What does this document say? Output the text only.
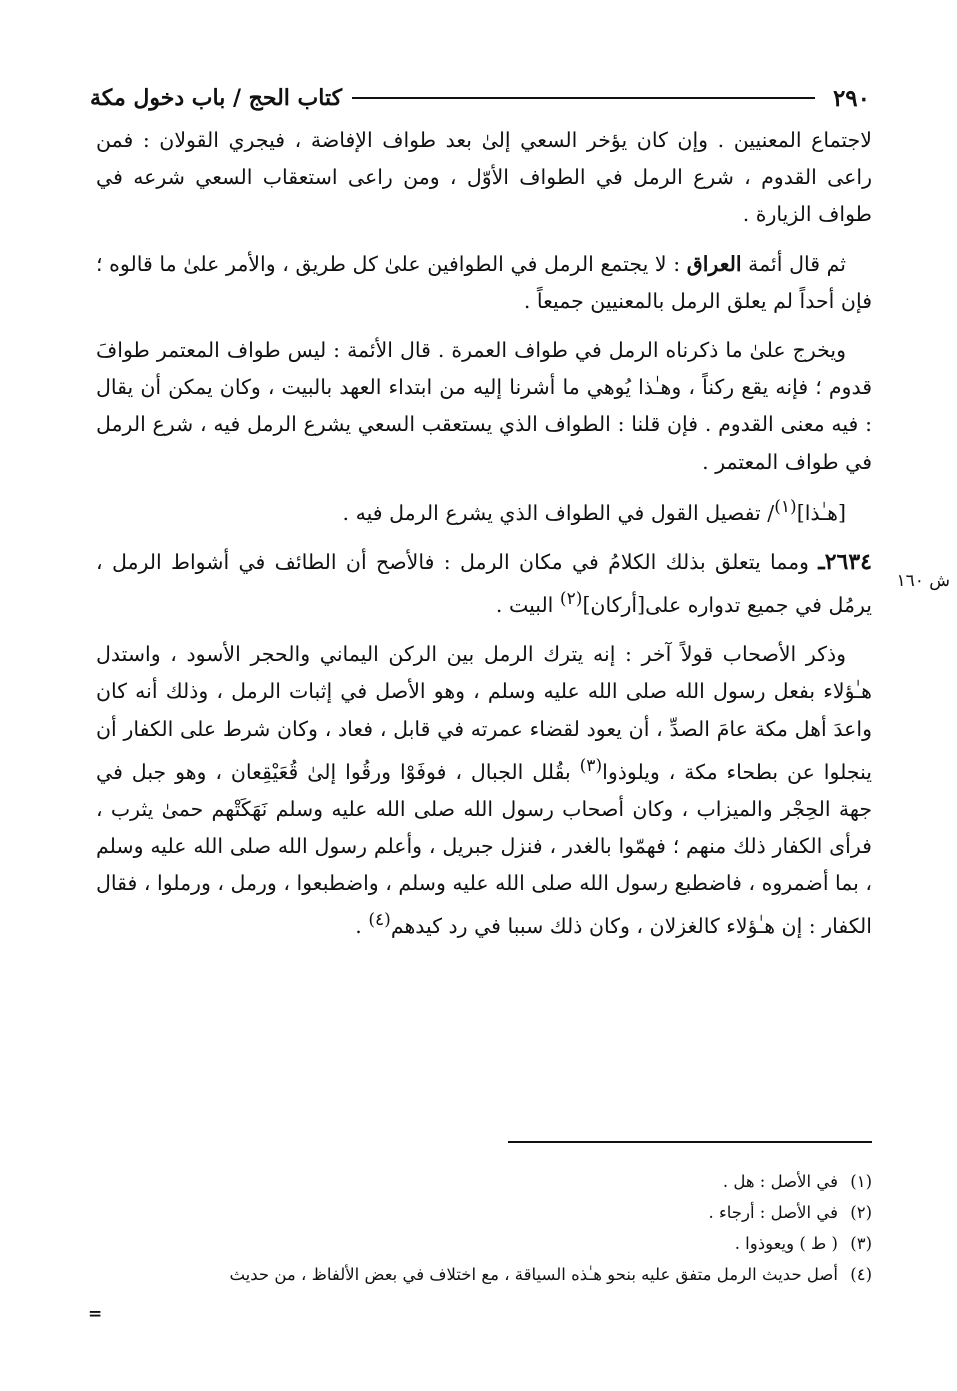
٢٩٠
كتاب الحج / باب دخول مكة
ش ١٦٠

لاجتماع المعنيين . وإن كان يؤخر السعي إلىٰ بعد طواف الإفاضة ، فيجري القولان : فمن راعى القدوم ، شرع الرمل في الطواف الأوّل ، ومن راعى استعقاب السعي شرعه في طواف الزيارة .

ثم قال أئمة العراق : لا يجتمع الرمل في الطوافين علىٰ كل طريق ، والأمر علىٰ ما قالوه ؛ فإن أحداً لم يعلق الرمل بالمعنيين جميعاً .

ويخرج علىٰ ما ذكرناه الرمل في طواف العمرة . قال الأئمة : ليس طواف المعتمر طوافَ قدوم ؛ فإنه يقع ركناً ، وهـٰذا يُوهي ما أشرنا إليه من ابتداء العهد بالبيت ، وكان يمكن أن يقال : فيه معنى القدوم . فإن قلنا : الطواف الذي يستعقب السعي يشرع الرمل فيه ، شرع الرمل في طواف المعتمر .

[هـٰذا]$^{(١)}$/ تفصيل القول في الطواف الذي يشرع الرمل فيه .

٢٦٣٤ـ ومما يتعلق بذلك الكلامُ في مكان الرمل : فالأصح أن الطائف في أشواط الرمل ، يرمُل في جميع تدواره على[أركان]$^{(٢)}$ البيت .

وذكر الأصحاب قولاً آخر : إنه يترك الرمل بين الركن اليماني والحجر الأسود ، واستدل هـٰؤلاء بفعل رسول الله صلى الله عليه وسلم ، وهو الأصل في إثبات الرمل ، وذلك أنه كان واعدَ أهل مكة عامَ الصدِّ ، أن يعود لقضاء عمرته في قابل ، فعاد ، وكان شرط على الكفار أن ينجلوا عن بطحاء مكة ، ويلوذوا$^{(٣)}$ بقُلل الجبال ، فوفَوْا ورقُوا إلىٰ قُعَيْقِعان ، وهو جبل في جهة الحِجْر والميزاب ، وكان أصحاب رسول الله صلى الله عليه وسلم نَهَكَتْهم حمىٰ يثرب ، فرأى الكفار ذلك منهم ؛ فهمّوا بالغدر ، فنزل جبريل ، وأعلم رسول الله صلى الله عليه وسلم ، بما أضمروه ، فاضطبع رسول الله صلى الله عليه وسلم ، واضطبعوا ، ورمل ، ورملوا ، فقال الكفار : إن هـٰؤلاء كالغزلان ، وكان ذلك سببا في رد كيدهم$^{(٤)}$ .

(١)في الأصل : هل .
(٢)في الأصل : أرجاء .
(٣)( ط ) ويعوذوا .
(٤)أصل حديث الرمل متفق عليه بنحو هـٰذه السياقة ، مع اختلاف في بعض الألفاظ ، من حديث
=
